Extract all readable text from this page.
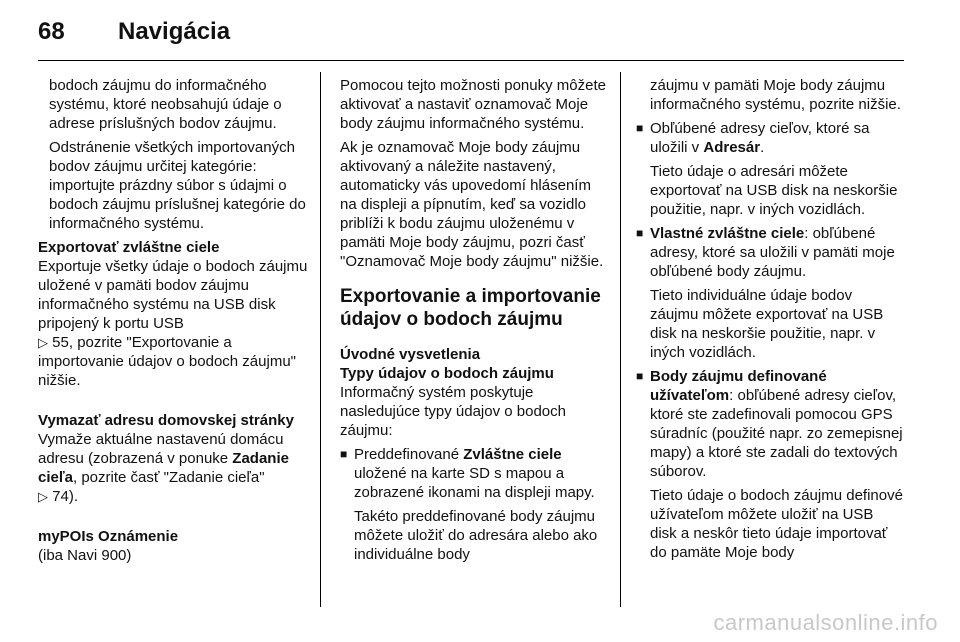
68 Navigácia

bodoch záujmu do informačného systému, ktoré neobsahujú údaje o adrese príslušných bodov záujmu.

Odstránenie všetkých importovaných bodov záujmu určitej kategórie: importujte prázdny súbor s údajmi o bodoch záujmu príslušnej kategórie do informačného systému.

Exportovať zvláštne ciele

Exportuje všetky údaje o bodoch záujmu uložené v pamäti bodov záujmu informačného systému na USB disk pripojený k portu USB
▷ 55, pozrite "Exportovanie a importovanie údajov o bodoch záujmu" nižšie.

Vymazať adresu domovskej stránky

Vymaže aktuálne nastavenú domácu adresu (zobrazená v ponuke Zadanie cieľa, pozrite časť "Zadanie cieľa"
▷ 74).

myPOIs Oznámenie

(iba Navi 900)

Pomocou tejto možnosti ponuky môžete aktivovať a nastaviť oznamovač Moje body záujmu informačného systému.

Ak je oznamovač Moje body záujmu aktivovaný a náležite nastavený, automaticky vás upovedomí hlásením na displeji a pípnutím, keď sa vozidlo priblíži k bodu záujmu uloženému v pamäti Moje body záujmu, pozri časť "Oznamovač Moje body záujmu" nižšie.

Exportovanie a importovanie údajov o bodoch záujmu

Úvodné vysvetlenia

Typy údajov o bodoch záujmu

Informačný systém poskytuje nasledujúce typy údajov o bodoch záujmu:

■ Preddefinované Zvláštne ciele uložené na karte SD s mapou a zobrazené ikonami na displeji mapy.

Takéto preddefinované body záujmu môžete uložiť do adresára alebo ako individuálne body

záujmu v pamäti Moje body záujmu informačného systému, pozrite nižšie.

■ Obľúbené adresy cieľov, ktoré sa uložili v Adresár.

Tieto údaje o adresári môžete exportovať na USB disk na neskoršie použitie, napr. v iných vozidlách.

■ Vlastné zvláštne ciele: obľúbené adresy, ktoré sa uložili v pamäti moje obľúbené body záujmu.

Tieto individuálne údaje bodov záujmu môžete exportovať na USB disk na neskoršie použitie, napr. v iných vozidlách.

■ Body záujmu definované užívateľom: obľúbené adresy cieľov, ktoré ste zadefinovali pomocou GPS súradníc (použité napr. zo zemepisnej mapy) a ktoré ste zadali do textových súborov.

Tieto údaje o bodoch záujmu definové užívateľom môžete uložiť na USB disk a neskôr tieto údaje importovať do pamäte Moje body

carmanualsonline.info
